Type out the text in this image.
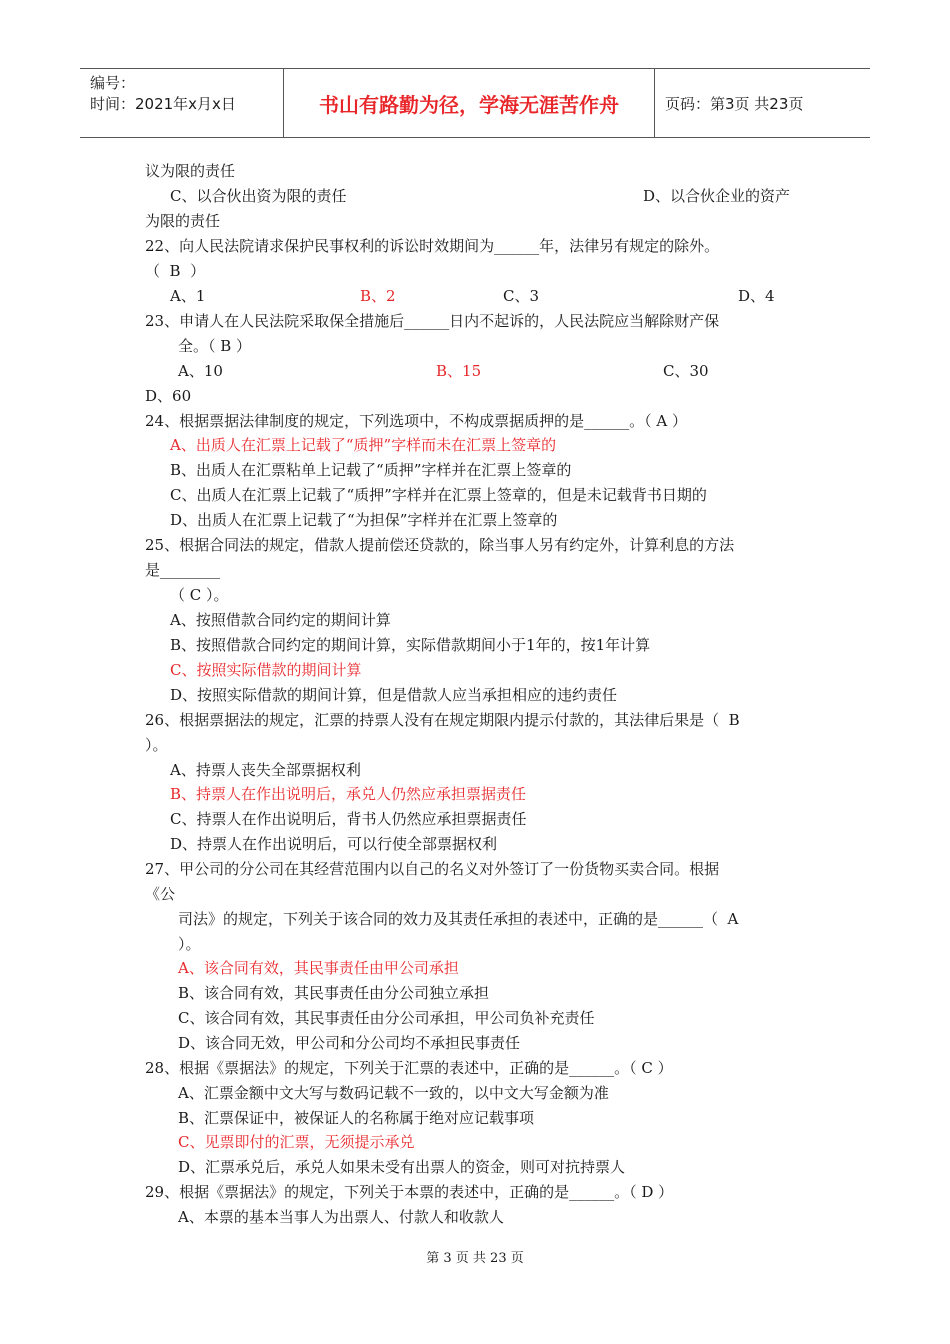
编号：
时间：2021年x月x日	书山有路勤为径，学海无涯苦作舟	页码：第3页 共23页
议为限的责任
C、以合伙出资为限的责任	D、以合伙企业的资产
为限的责任
22、向人民法院请求保护民事权利的诉讼时效期间为______年，法律另有规定的除外。
（  B  ）
A、1	B、2	C、3	D、4
23、申请人在人民法院采取保全措施后______日内不起诉的，人民法院应当解除财产保
全。（ B ）
A、10	B、15	C、30
D、60
24、根据票据法律制度的规定，下列选项中，不构成票据质押的是______。（ A ）
A、出质人在汇票上记载了“质押”字样而未在汇票上签章的
B、出质人在汇票粘单上记载了“质押”字样并在汇票上签章的
C、出质人在汇票上记载了“质押”字样并在汇票上签章的，但是未记载背书日期的
D、出质人在汇票上记载了“为担保”字样并在汇票上签章的
25、根据合同法的规定，借款人提前偿还贷款的，除当事人另有约定外，计算利息的方法
是________
（ C ）。
A、按照借款合同约定的期间计算
B、按照借款合同约定的期间计算，实际借款期间小于1年的，按1年计算
C、按照实际借款的期间计算
D、按照实际借款的期间计算，但是借款人应当承担相应的违约责任
26、根据票据法的规定，汇票的持票人没有在规定期限内提示付款的，其法律后果是（  B
）。
A、持票人丧失全部票据权利
B、持票人在作出说明后，承兑人仍然应承担票据责任
C、持票人在作出说明后，背书人仍然应承担票据责任
D、持票人在作出说明后，可以行使全部票据权利
27、甲公司的分公司在其经营范围内以自己的名义对外签订了一份货物买卖合同。根据
《公
司法》的规定，下列关于该合同的效力及其责任承担的表述中，正确的是______（  A
）。
A、该合同有效，其民事责任由甲公司承担
B、该合同有效，其民事责任由分公司独立承担
C、该合同有效，其民事责任由分公司承担，甲公司负补充责任
D、该合同无效，甲公司和分公司均不承担民事责任
28、根据《票据法》的规定，下列关于汇票的表述中，正确的是______。（ C ）
A、汇票金额中文大写与数码记载不一致的，以中文大写金额为准
B、汇票保证中，被保证人的名称属于绝对应记载事项
C、见票即付的汇票，无须提示承兑
D、汇票承兑后，承兑人如果未受有出票人的资金，则可对抗持票人
29、根据《票据法》的规定，下列关于本票的表述中，正确的是______。（ D ）
A、本票的基本当事人为出票人、付款人和收款人
第 3 页 共 23 页
